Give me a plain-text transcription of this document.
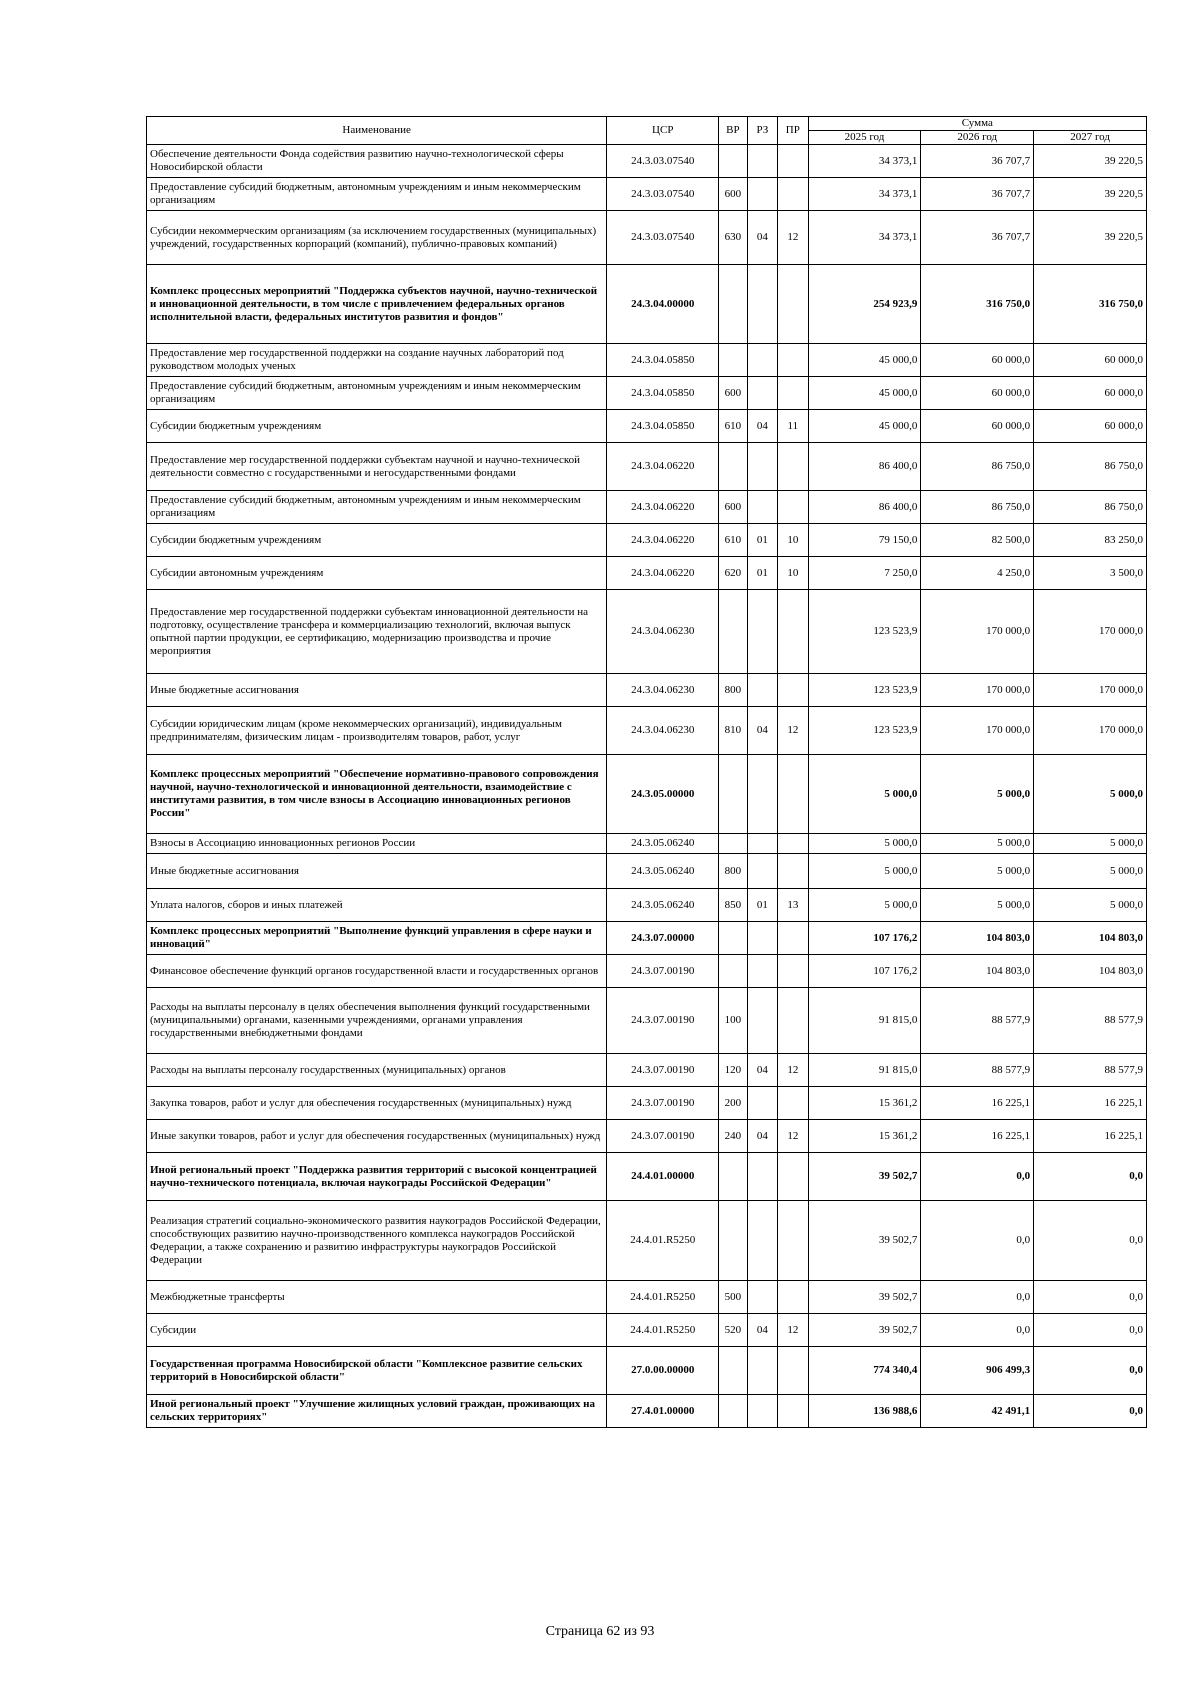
Наименование	ЦСР	ВР	РЗ	ПР	Сумма		
					2025 год	2026 год	2027 год
Обеспечение деятельности Фонда содействия развитию научно-технологической сферы Новосибирской области	24.3.03.07540				34 373,1	36 707,7	39 220,5
Предоставление субсидий бюджетным, автономным учреждениям и иным некоммерческим организациям	24.3.03.07540	600			34 373,1	36 707,7	39 220,5
Субсидии некоммерческим организациям (за исключением государственных (муниципальных) учреждений, государственных корпораций (компаний), публично-правовых компаний)	24.3.03.07540	630	04	12	34 373,1	36 707,7	39 220,5
Комплекс процессных мероприятий "Поддержка субъектов научной, научно-технической и инновационной деятельности, в том числе с привлечением федеральных органов исполнительной власти, федеральных институтов развития и фондов"	24.3.04.00000				254 923,9	316 750,0	316 750,0
Предоставление мер государственной поддержки на создание научных лабораторий под руководством молодых ученых	24.3.04.05850				45 000,0	60 000,0	60 000,0
Предоставление субсидий бюджетным, автономным учреждениям и иным некоммерческим организациям	24.3.04.05850	600			45 000,0	60 000,0	60 000,0
Субсидии бюджетным учреждениям	24.3.04.05850	610	04	11	45 000,0	60 000,0	60 000,0
Предоставление мер государственной поддержки субъектам научной и научно-технической деятельности совместно с государственными и негосударственными фондами	24.3.04.06220				86 400,0	86 750,0	86 750,0
Предоставление субсидий бюджетным, автономным учреждениям и иным некоммерческим организациям	24.3.04.06220	600			86 400,0	86 750,0	86 750,0
Субсидии бюджетным учреждениям	24.3.04.06220	610	01	10	79 150,0	82 500,0	83 250,0
Субсидии автономным учреждениям	24.3.04.06220	620	01	10	7 250,0	4 250,0	3 500,0
Предоставление мер государственной поддержки субъектам инновационной деятельности на подготовку, осуществление трансфера и коммерциализацию технологий, включая выпуск опытной партии продукции, ее сертификацию, модернизацию производства и прочие мероприятия	24.3.04.06230				123 523,9	170 000,0	170 000,0
Иные бюджетные ассигнования	24.3.04.06230	800			123 523,9	170 000,0	170 000,0
Субсидии юридическим лицам (кроме некоммерческих организаций), индивидуальным предпринимателям, физическим лицам - производителям товаров, работ, услуг	24.3.04.06230	810	04	12	123 523,9	170 000,0	170 000,0
Комплекс процессных мероприятий "Обеспечение нормативно-правового сопровождения научной, научно-технологической и инновационной деятельности, взаимодействие с институтами развития, в том числе взносы в Ассоциацию инновационных регионов России"	24.3.05.00000				5 000,0	5 000,0	5 000,0
Взносы в Ассоциацию инновационных регионов России	24.3.05.06240				5 000,0	5 000,0	5 000,0
Иные бюджетные ассигнования	24.3.05.06240	800			5 000,0	5 000,0	5 000,0
Уплата налогов, сборов и иных платежей	24.3.05.06240	850	01	13	5 000,0	5 000,0	5 000,0
Комплекс процессных мероприятий "Выполнение функций управления в сфере науки и инноваций"	24.3.07.00000				107 176,2	104 803,0	104 803,0
Финансовое обеспечение функций органов государственной власти и государственных органов	24.3.07.00190				107 176,2	104 803,0	104 803,0
Расходы на выплаты персоналу в целях обеспечения выполнения функций государственными (муниципальными) органами, казенными учреждениями, органами управления государственными внебюджетными фондами	24.3.07.00190	100			91 815,0	88 577,9	88 577,9
Расходы на выплаты персоналу государственных (муниципальных) органов	24.3.07.00190	120	04	12	91 815,0	88 577,9	88 577,9
Закупка товаров, работ и услуг для обеспечения государственных (муниципальных) нужд	24.3.07.00190	200			15 361,2	16 225,1	16 225,1
Иные закупки товаров, работ и услуг для обеспечения государственных (муниципальных) нужд	24.3.07.00190	240	04	12	15 361,2	16 225,1	16 225,1
Иной региональный проект "Поддержка развития территорий с высокой концентрацией научно-технического потенциала, включая наукограды Российской Федерации"	24.4.01.00000				39 502,7	0,0	0,0
Реализация стратегий социально-экономического развития наукоградов Российской Федерации, способствующих развитию научно-производственного комплекса наукоградов Российской Федерации, а также сохранению и развитию инфраструктуры наукоградов Российской Федерации	24.4.01.R5250				39 502,7	0,0	0,0
Межбюджетные трансферты	24.4.01.R5250	500			39 502,7	0,0	0,0
Субсидии	24.4.01.R5250	520	04	12	39 502,7	0,0	0,0
Государственная программа Новосибирской области "Комплексное развитие сельских территорий в Новосибирской области"	27.0.00.00000				774 340,4	906 499,3	0,0
Иной региональный проект "Улучшение жилищных условий граждан, проживающих на сельских территориях"	27.4.01.00000				136 988,6	42 491,1	0,0
Страница 62 из 93
